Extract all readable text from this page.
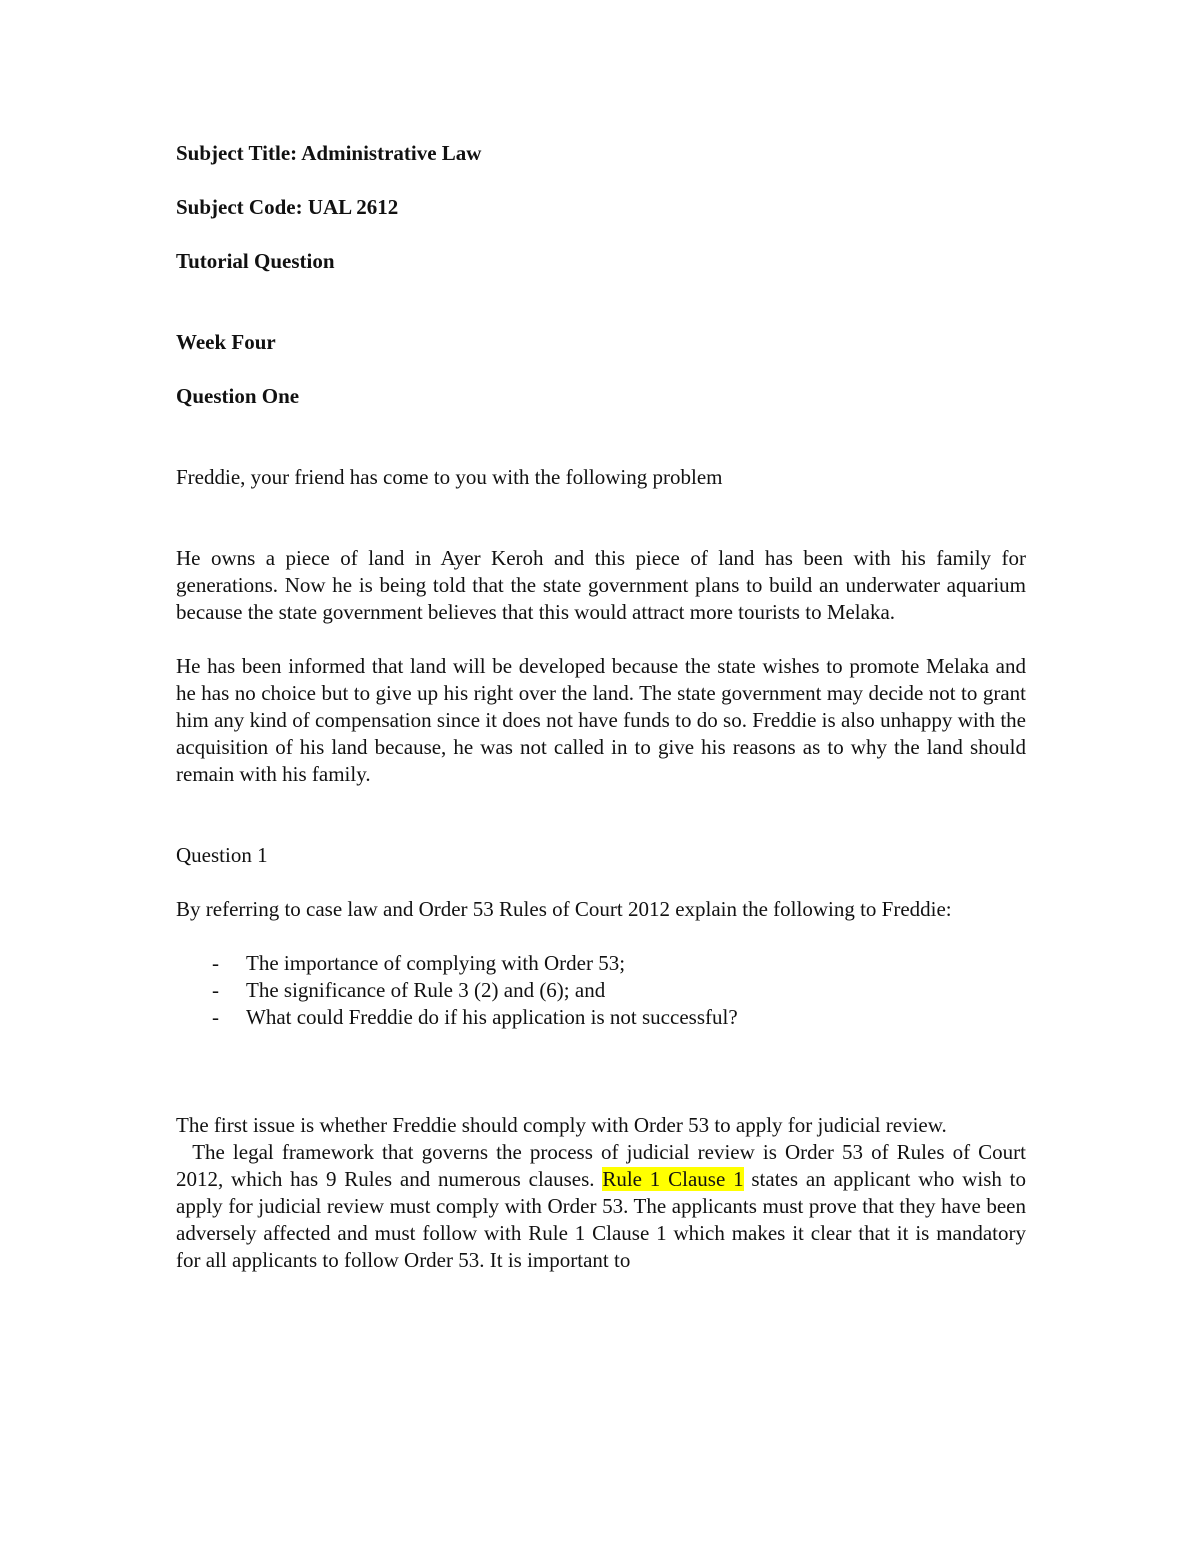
Subject Title: Administrative Law

Subject Code: UAL 2612

Tutorial Question

Week Four

Question One

Freddie, your friend has come to you with the following problem

He owns a piece of land in Ayer Keroh and this piece of land has been with his family for generations. Now he is being told that the state government plans to build an underwater aquarium because the state government believes that this would attract more tourists to Melaka.

He has been informed that land will be developed because the state wishes to promote Melaka and he has no choice but to give up his right over the land. The state government may decide not to grant him any kind of compensation since it does not have funds to do so. Freddie is also unhappy with the acquisition of his land because, he was not called in to give his reasons as to why the land should remain with his family.

Question 1

By referring to case law and Order 53 Rules of Court 2012 explain the following to Freddie:

- The importance of complying with Order 53;
- The significance of Rule 3 (2) and (6); and
- What could Freddie do if his application is not successful?

The first issue is whether Freddie should comply with Order 53 to apply for judicial review.

The legal framework that governs the process of judicial review is Order 53 of Rules of Court 2012, which has 9 Rules and numerous clauses. Rule 1 Clause 1 states an applicant who wish to apply for judicial review must comply with Order 53. The applicants must prove that they have been adversely affected and must follow with Rule 1 Clause 1 which makes it clear that it is mandatory for all applicants to follow Order 53. It is important to
